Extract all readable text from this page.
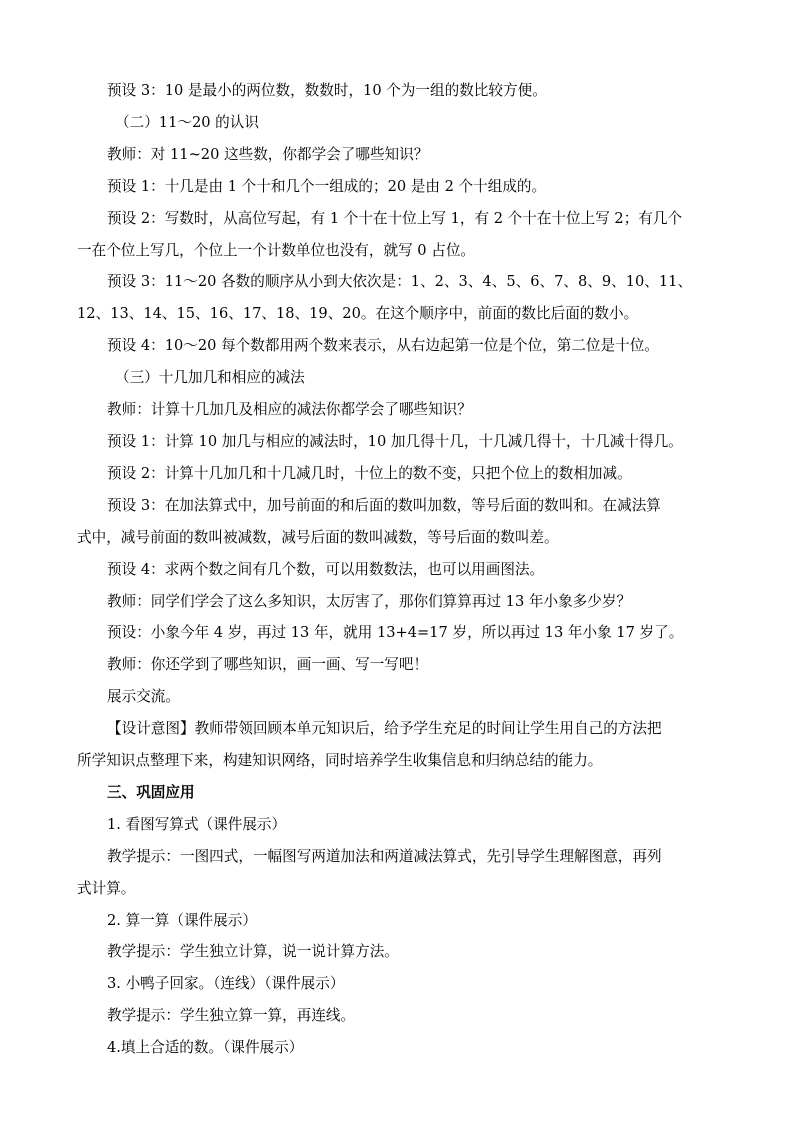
预设 3：10 是最小的两位数，数数时，10 个为一组的数比较方便。

（二）11～20 的认识

教师：对 11~20 这些数，你都学会了哪些知识？

预设 1：十几是由 1 个十和几个一组成的；20 是由 2 个十组成的。

预设 2：写数时，从高位写起，有 1 个十在十位上写 1，有 2 个十在十位上写 2；有几个

一在个位上写几，个位上一个计数单位也没有，就写 0 占位。

预设 3：11～20 各数的顺序从小到大依次是：1、2、3、4、5、6、7、8、9、10、11、

12、13、14、15、16、17、18、19、20。在这个顺序中，前面的数比后面的数小。

预设 4：10～20 每个数都用两个数来表示，从右边起第一位是个位，第二位是十位。

（三）十几加几和相应的减法

教师：计算十几加几及相应的减法你都学会了哪些知识？

预设 1：计算 10 加几与相应的减法时，10 加几得十几，十几减几得十，十几减十得几。

预设 2：计算十几加几和十几减几时，十位上的数不变，只把个位上的数相加减。

预设 3：在加法算式中，加号前面的和后面的数叫加数，等号后面的数叫和。在减法算

式中，减号前面的数叫被减数，减号后面的数叫减数，等号后面的数叫差。

预设 4：求两个数之间有几个数，可以用数数法，也可以用画图法。

教师：同学们学会了这么多知识，太厉害了，那你们算算再过 13 年小象多少岁？

预设：小象今年 4 岁，再过 13 年，就用 13+4=17 岁，所以再过 13 年小象 17 岁了。

教师：你还学到了哪些知识，画一画、写一写吧！

展示交流。

【设计意图】教师带领回顾本单元知识后，给予学生充足的时间让学生用自己的方法把

所学知识点整理下来，构建知识网络，同时培养学生收集信息和归纳总结的能力。

三、巩固应用

1. 看图写算式（课件展示）

教学提示：一图四式，一幅图写两道加法和两道减法算式，先引导学生理解图意，再列

式计算。

2. 算一算（课件展示）

教学提示：学生独立计算，说一说计算方法。

3. 小鸭子回家。（连线）（课件展示）

教学提示：学生独立算一算，再连线。

4.填上合适的数。（课件展示）
